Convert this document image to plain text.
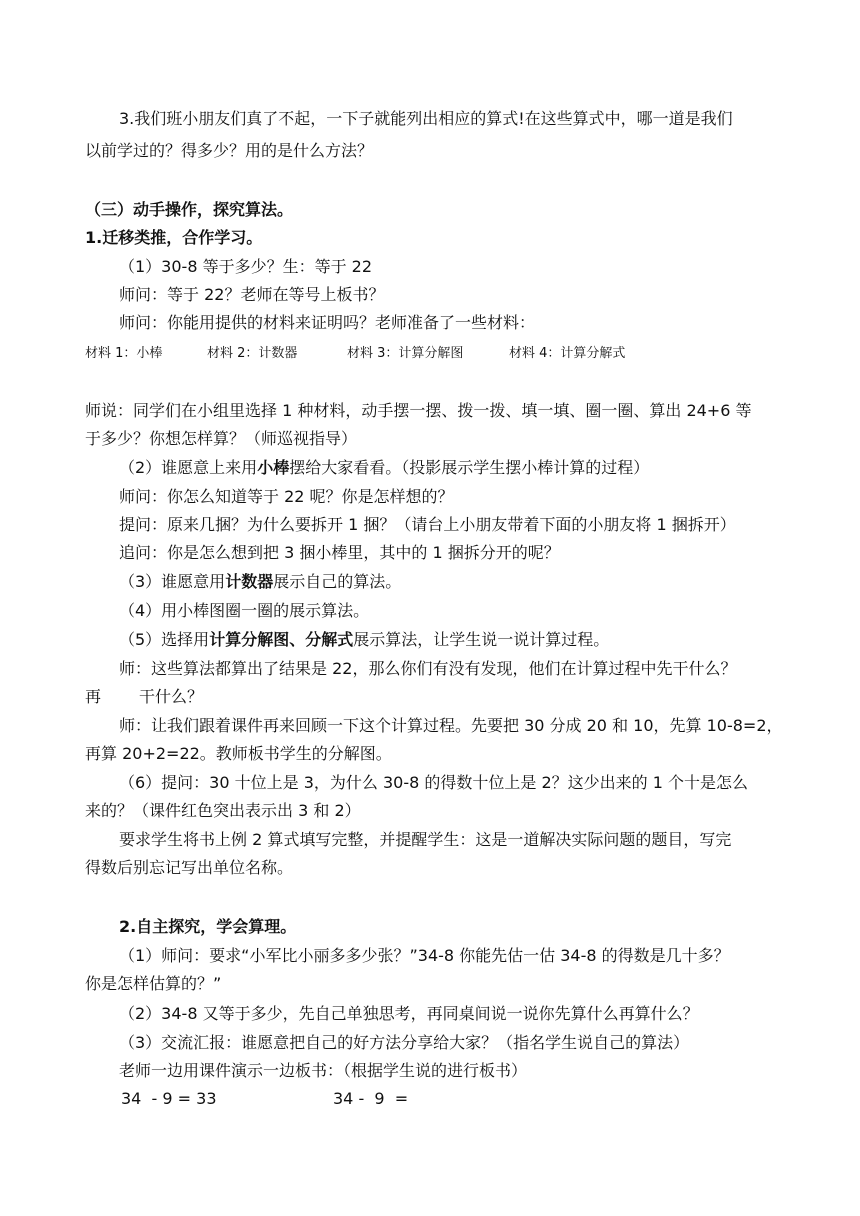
3.我们班小朋友们真了不起，一下子就能列出相应的算式!在这些算式中，哪一道是我们
以前学过的？得多少？用的是什么方法？
（三）动手操作，探究算法。
1.迁移类推，合作学习。
（1）30-8 等于多少？生：等于 22
师问：等于 22？老师在等号上板书？
师问：你能用提供的材料来证明吗？老师准备了一些材料：
材料 1：小棒	材料 2：计数器	材料 3：计算分解图	材料 4：计算分解式
师说：同学们在小组里选择 1 种材料，动手摆一摆、拨一拨、填一填、圈一圈、算出 24+6 等
于多少？你想怎样算？（师巡视指导）
（2）谁愿意上来用小棒摆给大家看看。（投影展示学生摆小棒计算的过程）
师问：你怎么知道等于 22 呢？你是怎样想的？
提问：原来几捆？为什么要拆开 1 捆？（请台上小朋友带着下面的小朋友将 1 捆拆开）
追问：你是怎么想到把 3 捆小棒里，其中的 1 捆拆分开的呢？
（3）谁愿意用计数器展示自己的算法。
（4）用小棒图圈一圈的展示算法。
（5）选择用计算分解图、分解式展示算法，让学生说一说计算过程。
师：这些算法都算出了结果是 22，那么你们有没有发现，他们在计算过程中先干什么？
再 干什么？
师：让我们跟着课件再来回顾一下这个计算过程。先要把 30 分成 20 和 10，先算 10-8=2，
再算 20+2=22。教师板书学生的分解图。
（6）提问：30 十位上是 3，为什么 30-8 的得数十位上是 2？这少出来的 1 个十是怎么
来的？（课件红色突出表示出 3 和 2）
要求学生将书上例 2 算式填写完整，并提醒学生：这是一道解决实际问题的题目，写完
得数后别忘记写出单位名称。
2.自主探究，学会算理。
（1）师问：要求“小军比小丽多多少张？”34-8 你能先估一估 34-8 的得数是几十多？
你是怎样估算的？”
（2）34-8 又等于多少，先自己单独思考，再同桌间说一说你先算什么再算什么？
（3）交流汇报：谁愿意把自己的好方法分享给大家？（指名学生说自己的算法）
老师一边用课件演示一边板书：（根据学生说的进行板书）
34  - 9 = 33	34 -  9  =
